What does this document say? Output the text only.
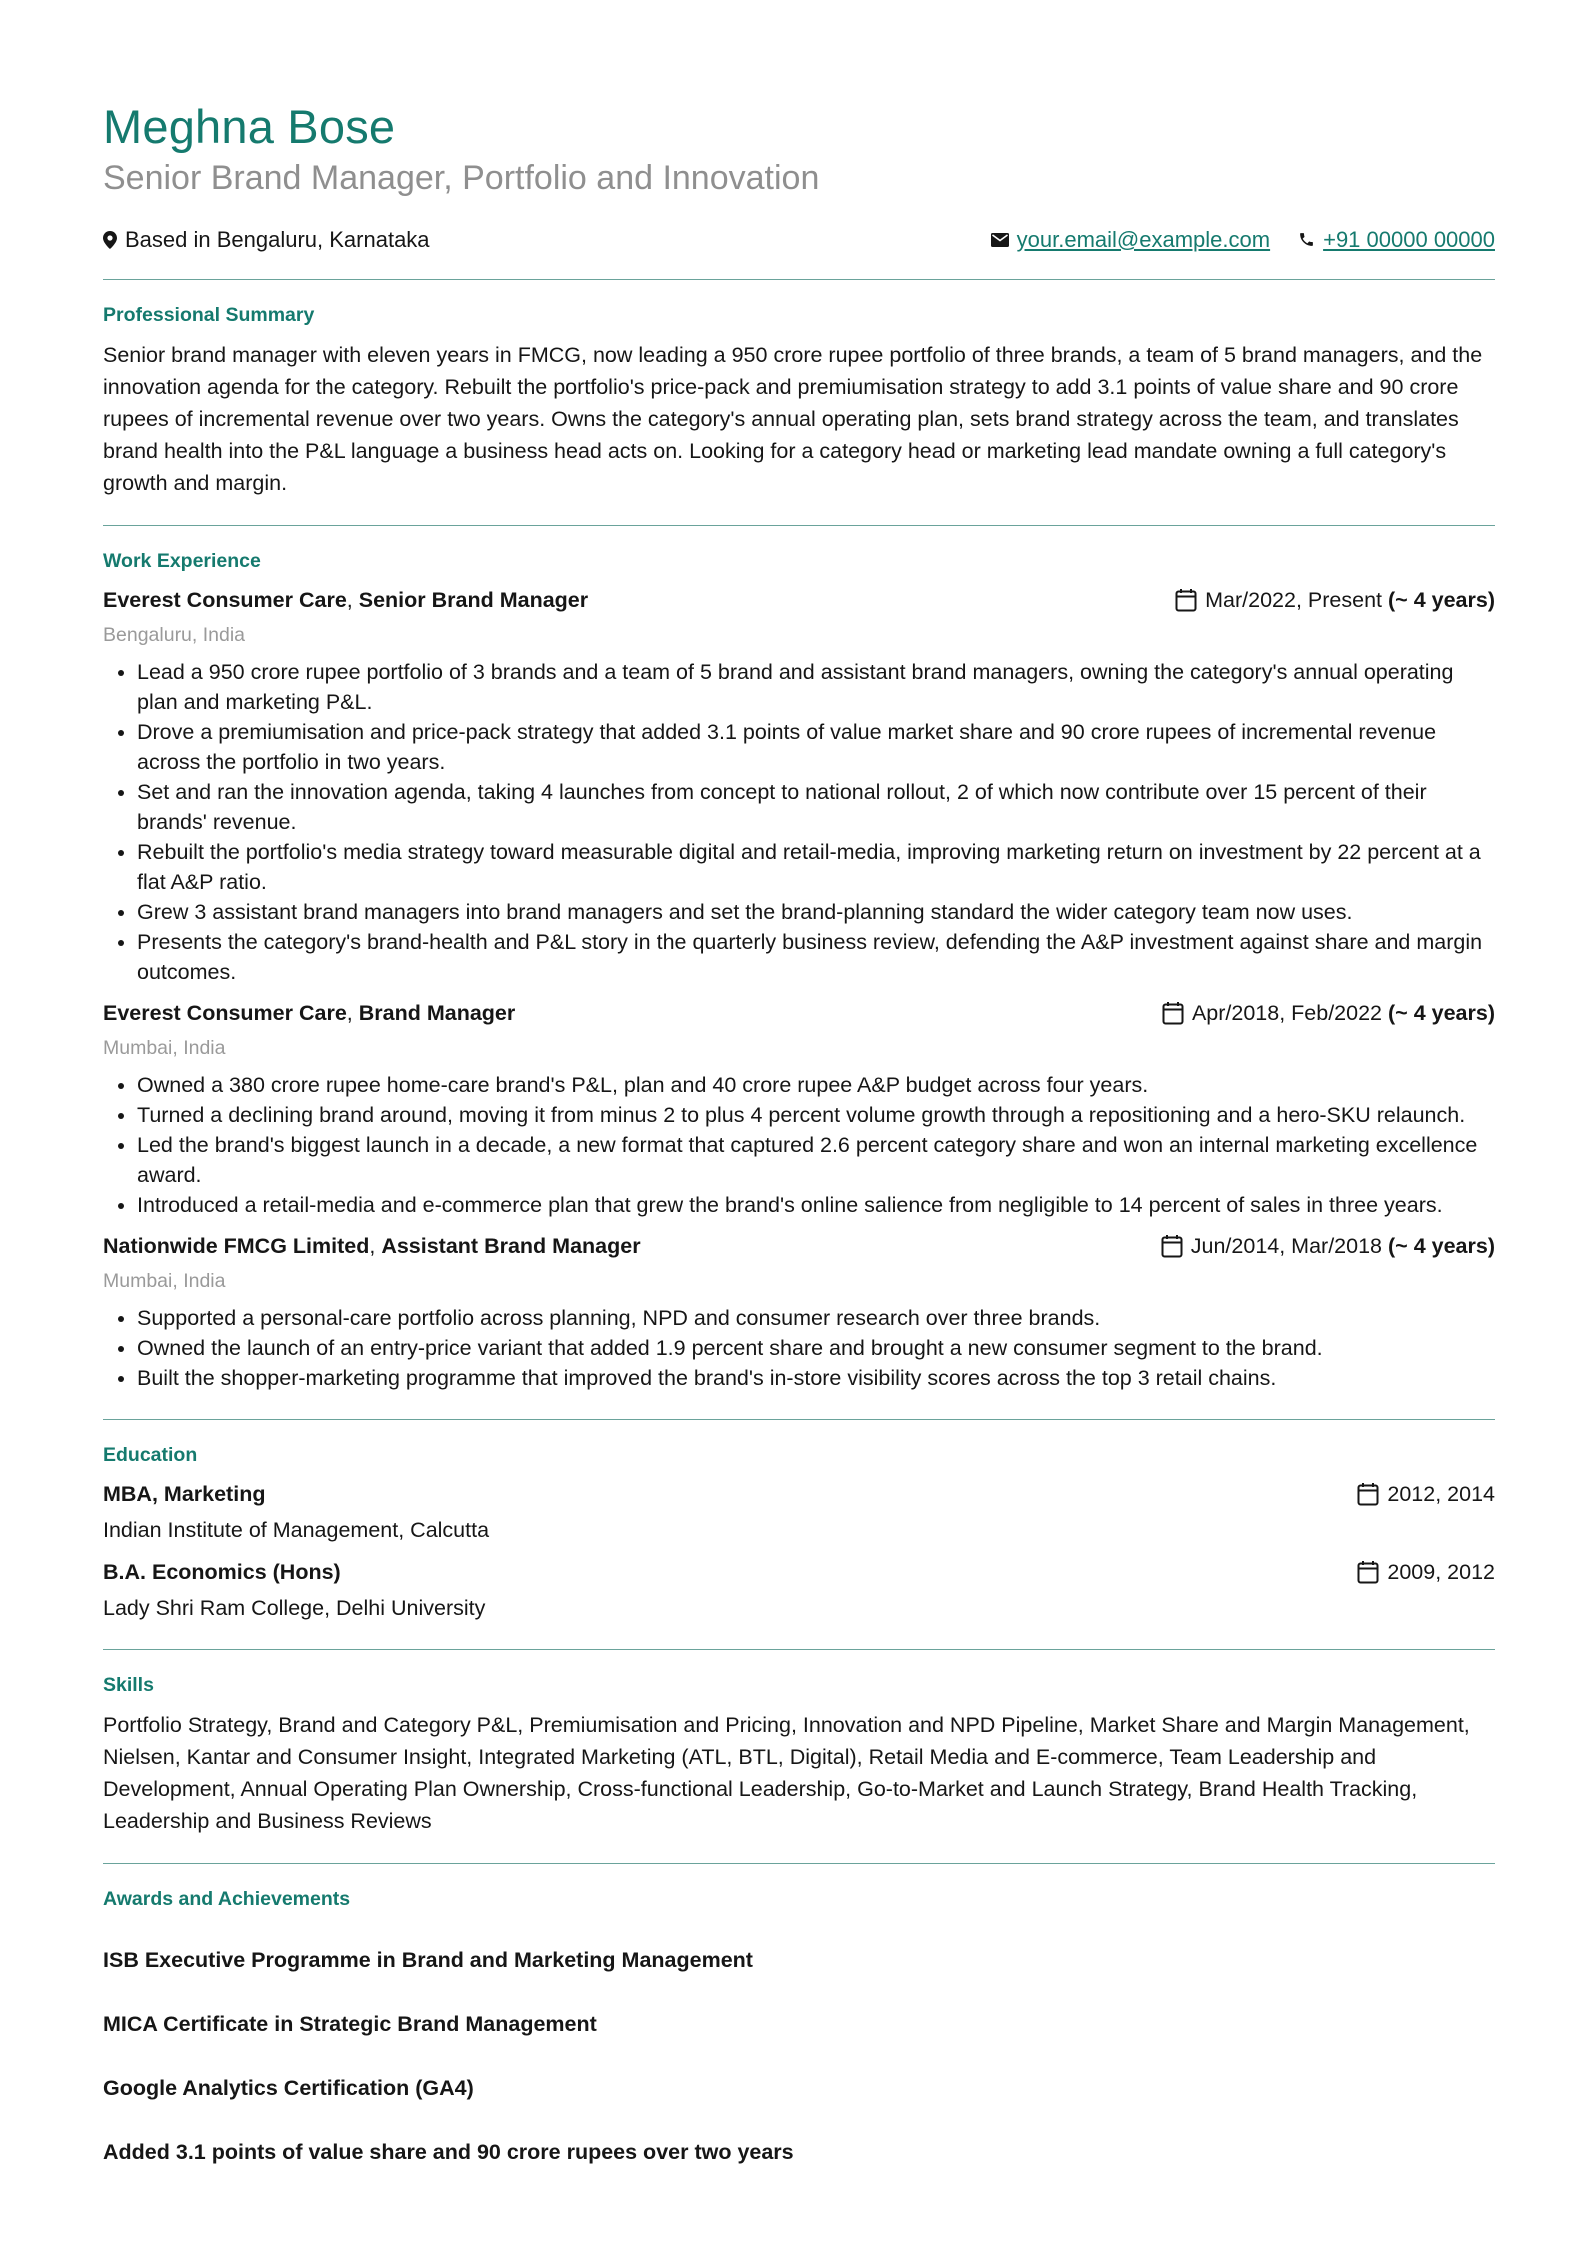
Meghna Bose
Senior Brand Manager, Portfolio and Innovation
Based in Bengaluru, Karnataka	your.email@example.com +91 00000 00000
Professional Summary

Senior brand manager with eleven years in FMCG, now leading a 950 crore rupee portfolio of three brands, a team of 5 brand managers, and the innovation agenda for the category. Rebuilt the portfolio's price-pack and premiumisation strategy to add 3.1 points of value share and 90 crore rupees of incremental revenue over two years. Owns the category's annual operating plan, sets brand strategy across the team, and translates brand health into the P&L language a business head acts on. Looking for a category head or marketing lead mandate owning a full category's growth and margin.

Work Experience
Everest Consumer Care, Senior Brand Manager	Mar/2022, Present (~ 4 years)
Bengaluru, India
• Lead a 950 crore rupee portfolio of 3 brands and a team of 5 brand and assistant brand managers, owning the category's annual operating plan and marketing P&L.
• Drove a premiumisation and price-pack strategy that added 3.1 points of value market share and 90 crore rupees of incremental revenue across the portfolio in two years.
• Set and ran the innovation agenda, taking 4 launches from concept to national rollout, 2 of which now contribute over 15 percent of their brands' revenue.
• Rebuilt the portfolio's media strategy toward measurable digital and retail-media, improving marketing return on investment by 22 percent at a flat A&P ratio.
• Grew 3 assistant brand managers into brand managers and set the brand-planning standard the wider category team now uses.
• Presents the category's brand-health and P&L story in the quarterly business review, defending the A&P investment against share and margin outcomes.
Everest Consumer Care, Brand Manager	Apr/2018, Feb/2022 (~ 4 years)
Mumbai, India
• Owned a 380 crore rupee home-care brand's P&L, plan and 40 crore rupee A&P budget across four years.
• Turned a declining brand around, moving it from minus 2 to plus 4 percent volume growth through a repositioning and a hero-SKU relaunch.
• Led the brand's biggest launch in a decade, a new format that captured 2.6 percent category share and won an internal marketing excellence award.
• Introduced a retail-media and e-commerce plan that grew the brand's online salience from negligible to 14 percent of sales in three years.
Nationwide FMCG Limited, Assistant Brand Manager	Jun/2014, Mar/2018 (~ 4 years)
Mumbai, India
• Supported a personal-care portfolio across planning, NPD and consumer research over three brands.
• Owned the launch of an entry-price variant that added 1.9 percent share and brought a new consumer segment to the brand.
• Built the shopper-marketing programme that improved the brand's in-store visibility scores across the top 3 retail chains.
Education
MBA, Marketing	2012, 2014
Indian Institute of Management, Calcutta
B.A. Economics (Hons)	2009, 2012
Lady Shri Ram College, Delhi University
Skills

Portfolio Strategy, Brand and Category P&L, Premiumisation and Pricing, Innovation and NPD Pipeline, Market Share and Margin Management, Nielsen, Kantar and Consumer Insight, Integrated Marketing (ATL, BTL, Digital), Retail Media and E-commerce, Team Leadership and Development, Annual Operating Plan Ownership, Cross-functional Leadership, Go-to-Market and Launch Strategy, Brand Health Tracking, Leadership and Business Reviews

Awards and Achievements
ISB Executive Programme in Brand and Marketing Management
MICA Certificate in Strategic Brand Management
Google Analytics Certification (GA4)
Added 3.1 points of value share and 90 crore rupees over two years
